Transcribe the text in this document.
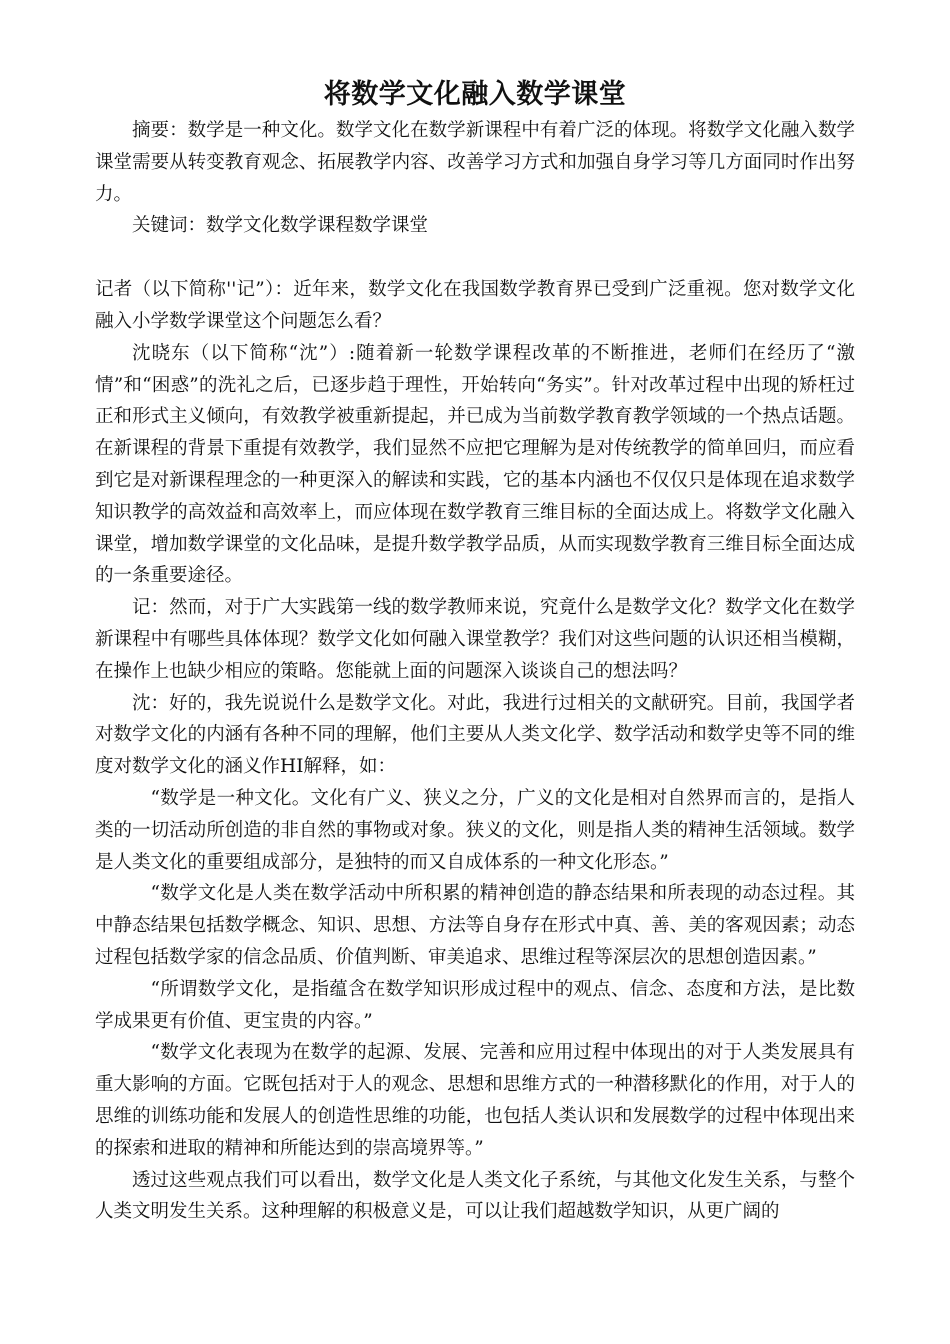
将数学文化融入数学课堂

摘要：数学是一种文化。数学文化在数学新课程中有着广泛的体现。将数学文化融入数学课堂需要从转变教育观念、拓展教学内容、改善学习方式和加强自身学习等几方面同时作出努力。

关键词：数学文化数学课程数学课堂

记者（以下简称''记”）：近年来，数学文化在我国数学教育界已受到广泛重视。您对数学文化融入小学数学课堂这个问题怎么看？

沈晓东（以下简称“沈”）:随着新一轮数学课程改革的不断推进，老师们在经历了“激情”和“困惑”的洗礼之后，已逐步趋于理性，开始转向“务实”。针对改革过程中出现的矫枉过正和形式主义倾向，有效教学被重新提起，并已成为当前数学教育教学领域的一个热点话题。在新课程的背景下重提有效教学，我们显然不应把它理解为是对传统教学的简单回归，而应看到它是对新课程理念的一种更深入的解读和实践，它的基本内涵也不仅仅只是体现在追求数学知识教学的高效益和高效率上，而应体现在数学教育三维目标的全面达成上。将数学文化融入课堂，增加数学课堂的文化品味，是提升数学教学品质，从而实现数学教育三维目标全面达成的一条重要途径。

记：然而，对于广大实践第一线的数学教师来说，究竟什么是数学文化？数学文化在数学新课程中有哪些具体体现？数学文化如何融入课堂教学？我们对这些问题的认识还相当模糊，在操作上也缺少相应的策略。您能就上面的问题深入谈谈自己的想法吗？

沈：好的，我先说说什么是数学文化。对此，我进行过相关的文献研究。目前，我国学者对数学文化的内涵有各种不同的理解，他们主要从人类文化学、数学活动和数学史等不同的维度对数学文化的涵义作HI解释，如：

“数学是一种文化。文化有广义、狭义之分，广义的文化是相对自然界而言的，是指人类的一切活动所创造的非自然的事物或对象。狭义的文化，则是指人类的精神生活领域。数学是人类文化的重要组成部分，是独特的而又自成体系的一种文化形态。”

“数学文化是人类在数学活动中所积累的精神创造的静态结果和所表现的动态过程。其中静态结果包括数学概念、知识、思想、方法等自身存在形式中真、善、美的客观因素；动态过程包括数学家的信念品质、价值判断、审美追求、思维过程等深层次的思想创造因素。”

“所谓数学文化，是指蕴含在数学知识形成过程中的观点、信念、态度和方法，是比数学成果更有价值、更宝贵的内容。”

“数学文化表现为在数学的起源、发展、完善和应用过程中体现出的对于人类发展具有重大影响的方面。它既包括对于人的观念、思想和思维方式的一种潜移默化的作用，对于人的思维的训练功能和发展人的创造性思维的功能，也包括人类认识和发展数学的过程中体现出来的探索和进取的精神和所能达到的崇高境界等。”

透过这些观点我们可以看出，数学文化是人类文化子系统，与其他文化发生关系，与整个人类文明发生关系。这种理解的积极意义是，可以让我们超越数学知识，从更广阔的
